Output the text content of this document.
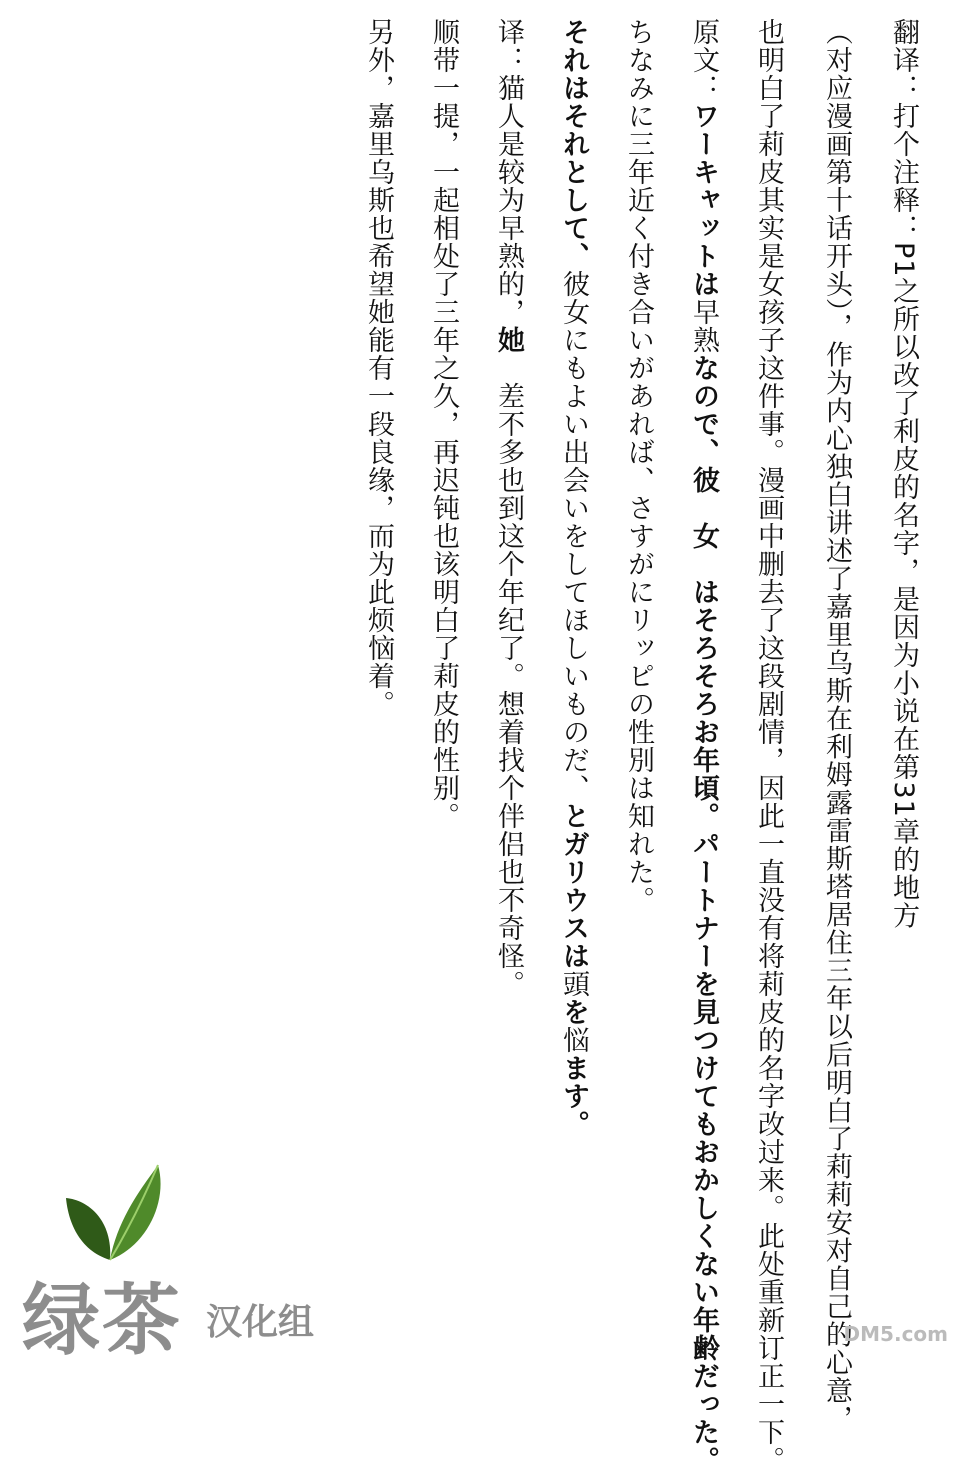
翻译：打个注释：P1之所以改了利皮的名字，是因为小说在第31章的地方
（对应漫画第十话开头），作为内心独白讲述了嘉里乌斯在利姆露雷斯塔居住三年以后明白了莉莉安对自己的心意，
也明白了莉皮其实是女孩子这件事。漫画中删去了这段剧情，因此一直没有将莉皮的名字改过来。此处重新订正一下。
原文：ワーキャットは早熟なので、彼　女　はそろそろお年頃。パートナーを見つけてもおかしくない年齢だった。
ちなみに三年近く付き合いがあれば、さすがにリッピの性別は知れた。
それはそれとして、彼女にもよい出会いをしてほしいものだ、とガリウスは頭を悩ます。
译：猫人是较为早熟的，她　差不多也到这个年纪了。想着找个伴侣也不奇怪。
顺带一提，一起相处了三年之久，再迟钝也该明白了莉皮的性别。
另外，嘉里乌斯也希望她能有一段良缘，而为此烦恼着。
绿茶 汉化组	DM5.com
